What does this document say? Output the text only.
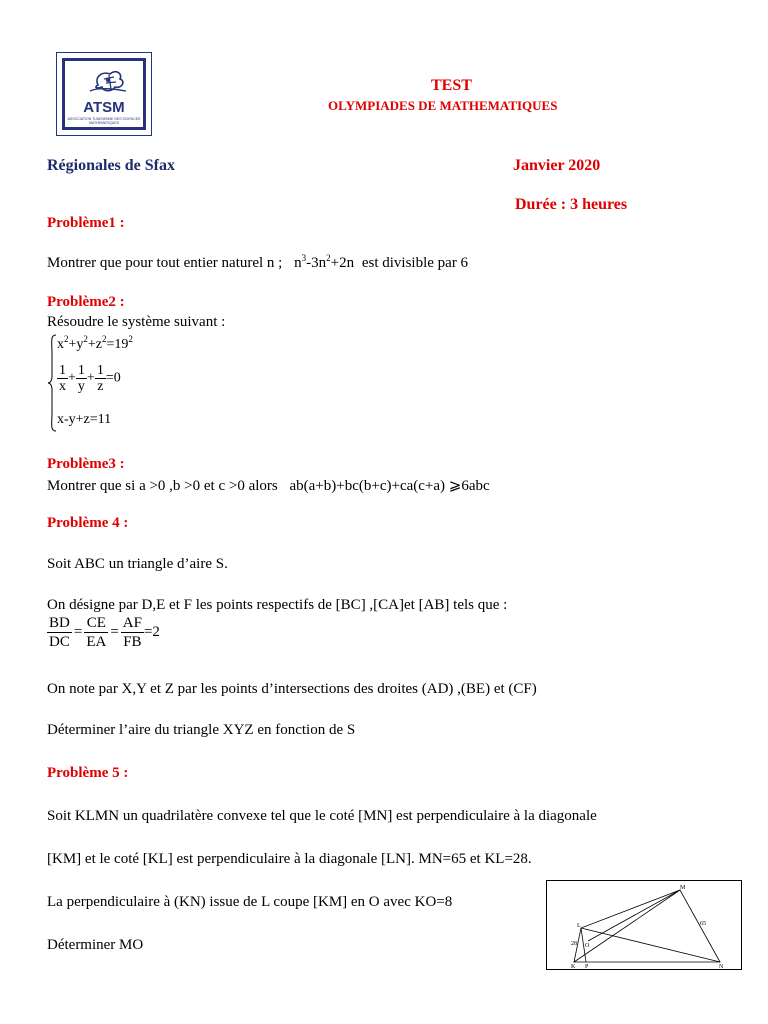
ATSM
ASSOCIATION TUNISIENNE DES SCIENCES MATHEMATIQUES
TEST
OLYMPIADES DE MATHEMATIQUES
Régionales de Sfax	Janvier 2020
Durée : 3 heures
Problème1 :
Montrer que pour tout entier naturel n ; $n^3-3n^2+2n$ est divisible par 6
Problème2 :
Résoudre le système suivant :
$x^2+y^2+z^2=19^2$
$\frac{1}{x} + \frac{1}{y} + \frac{1}{z} =0$
x-y+z=11
Problème3 :
Montrer que si a >0 ,b >0 et c >0 alors ab(a+b)+bc(b+c)+ca(c+a) ⩾6abc
Problème 4 :
Soit ABC un triangle d’aire S.
On désigne par D,E et F les points respectifs de [BC] ,[CA]et [AB] tels que :
$\frac{BD}{DC} = \frac{CE}{EA} = \frac{AF}{FB} =2$
On note par X,Y et Z par les points d’intersections des droites (AD) ,(BE) et (CF)
Déterminer l’aire du triangle XYZ en fonction de S
Problème 5 :
Soit KLMN un quadrilatère convexe tel que le coté [MN] est perpendiculaire à la diagonale
[KM] et le coté [KL] est perpendiculaire à la diagonale [LN]. MN=65 et KL=28.
La perpendiculaire à (KN) issue de L coupe [KM] en O avec KO=8
Déterminer MO
M
L
K P	N
O
28
65
